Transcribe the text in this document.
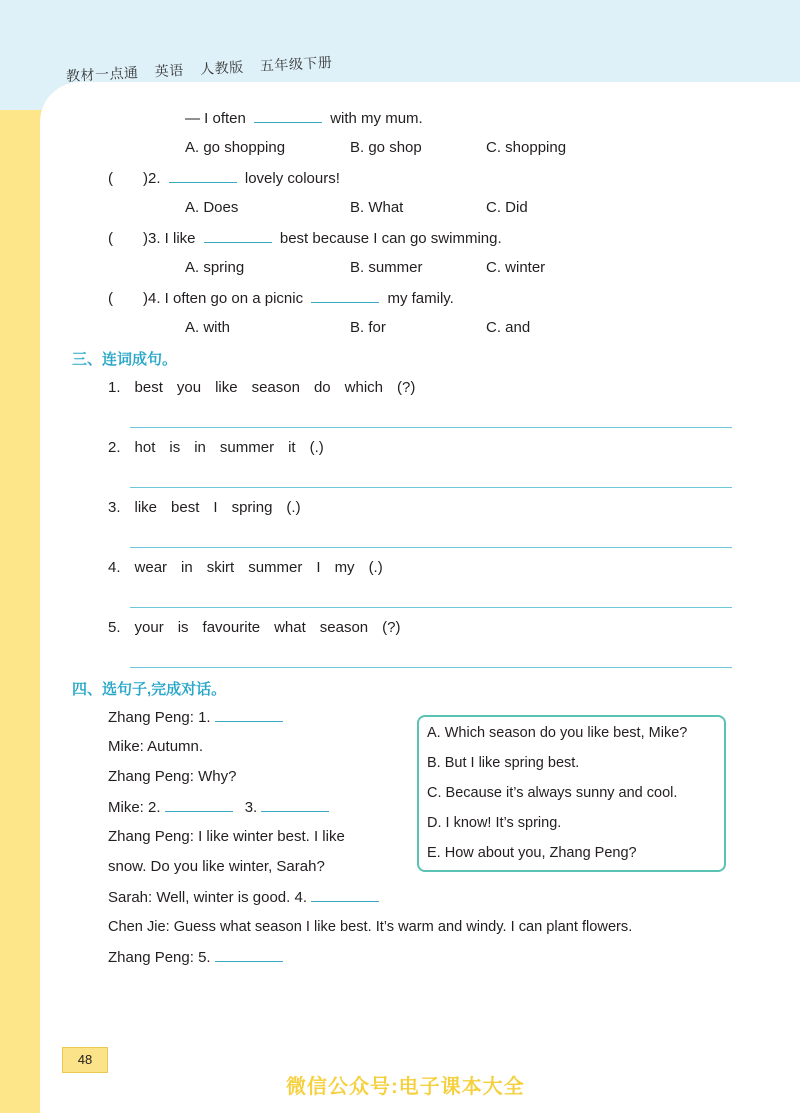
教材一点通 英语 人教版 五年级下册
— I often	with my mum.
A. go shopping	B. go shop	C. shopping
( )2.	lovely colours!
A. Does	B. What	C. Did
( )3. I like	best because I can go swimming.
A. spring	B. summer	C. winter
( )4. I often go on a picnic	my family.
A. with	B. for	C. and
三、连词成句。
1. best you like season do which (?)
2. hot is in summer it (.)
3. like best I spring (.)
4. wear in skirt summer I my (.)
5. your is favourite what season (?)
四、选句子,完成对话。
Zhang Peng: 1.
Mike: Autumn.
Zhang Peng: Why?
Mike: 2.	3.
Zhang Peng: I like winter best. I like
snow. Do you like winter, Sarah?
Sarah: Well, winter is good. 4.
Chen Jie: Guess what season I like best. It’s warm and windy. I can plant flowers.
Zhang Peng: 5.
A. Which season do you like best, Mike?
B. But I like spring best.
C. Because it’s always sunny and cool.
D. I know! It’s spring.
E. How about you, Zhang Peng?
48
微信公众号:电子课本大全
